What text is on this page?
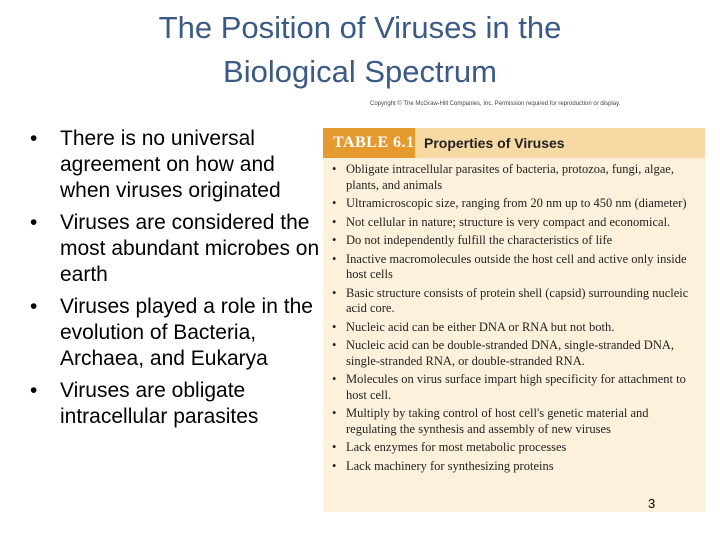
The Position of Viruses in the
Biological Spectrum
Copyright © The McGraw-Hill Companies, Inc. Permission required for reproduction or display.
• There is no universal agreement on how and when viruses originated
• Viruses are considered the most abundant microbes on earth
• Viruses played a role in the evolution of Bacteria, Archaea, and Eukarya
• Viruses are obligate intracellular parasites
TABLE 6.1 Properties of Viruses
• Obligate intracellular parasites of bacteria, protozoa, fungi, algae, plants, and animals
• Ultramicroscopic size, ranging from 20 nm up to 450 nm (diameter)
• Not cellular in nature; structure is very compact and economical.
• Do not independently fulfill the characteristics of life
• Inactive macromolecules outside the host cell and active only inside host cells
• Basic structure consists of protein shell (capsid) surrounding nucleic acid core.
• Nucleic acid can be either DNA or RNA but not both.
• Nucleic acid can be double-stranded DNA, single-stranded DNA, single-stranded RNA, or double-stranded RNA.
• Molecules on virus surface impart high specificity for attachment to host cell.
• Multiply by taking control of host cell's genetic material and regulating the synthesis and assembly of new viruses
• Lack enzymes for most metabolic processes
• Lack machinery for synthesizing proteins
3
